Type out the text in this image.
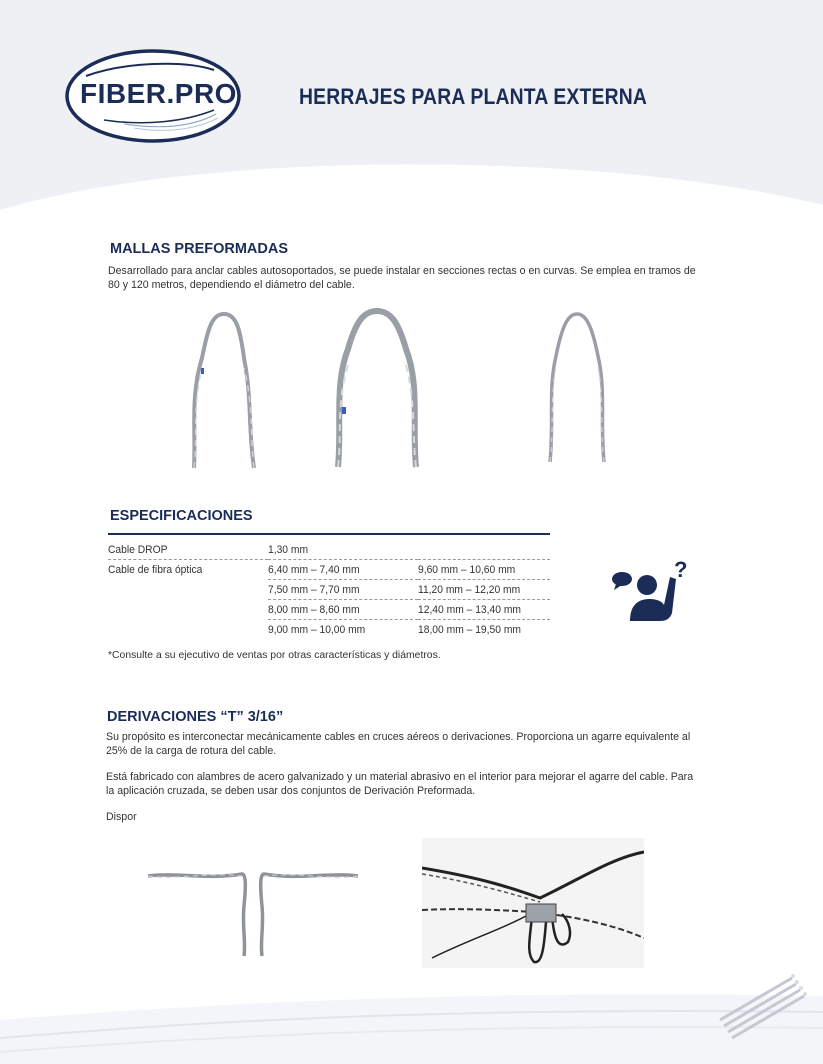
FIBER.PRO	HERRAJES PARA PLANTA EXTERNA
MALLAS PREFORMADAS
Desarrollado para anclar cables autosoportados, se puede instalar en secciones rectas o en curvas. Se emplea en tramos de
80 y 120 metros, dependiendo el diámetro del cable.
ESPECIFICACIONES
Cable DROP	1,30 mm	
Cable de fibra óptica	6,40 mm – 7,40 mm	9,60 mm – 10,60 mm
	7,50 mm – 7,70 mm	11,20 mm – 12,20 mm
	8,00 mm – 8,60 mm	12,40 mm – 13,40 mm
	9,00 mm – 10,00 mm	18,00 mm – 19,50 mm
*Consulte a su ejecutivo de ventas por otras características y diámetros.
?
DERIVACIONES “T” 3/16”
Su propósito es interconectar mecánicamente cables en cruces aéreos o derivaciones. Proporciona un agarre equivalente al
25% de la carga de rotura del cable.
Está fabricado con alambres de acero galvanizado y un material abrasivo en el interior para mejorar el agarre del cable. Para
la aplicación cruzada, se deben usar dos conjuntos de Derivación Preformada.
Dispor
